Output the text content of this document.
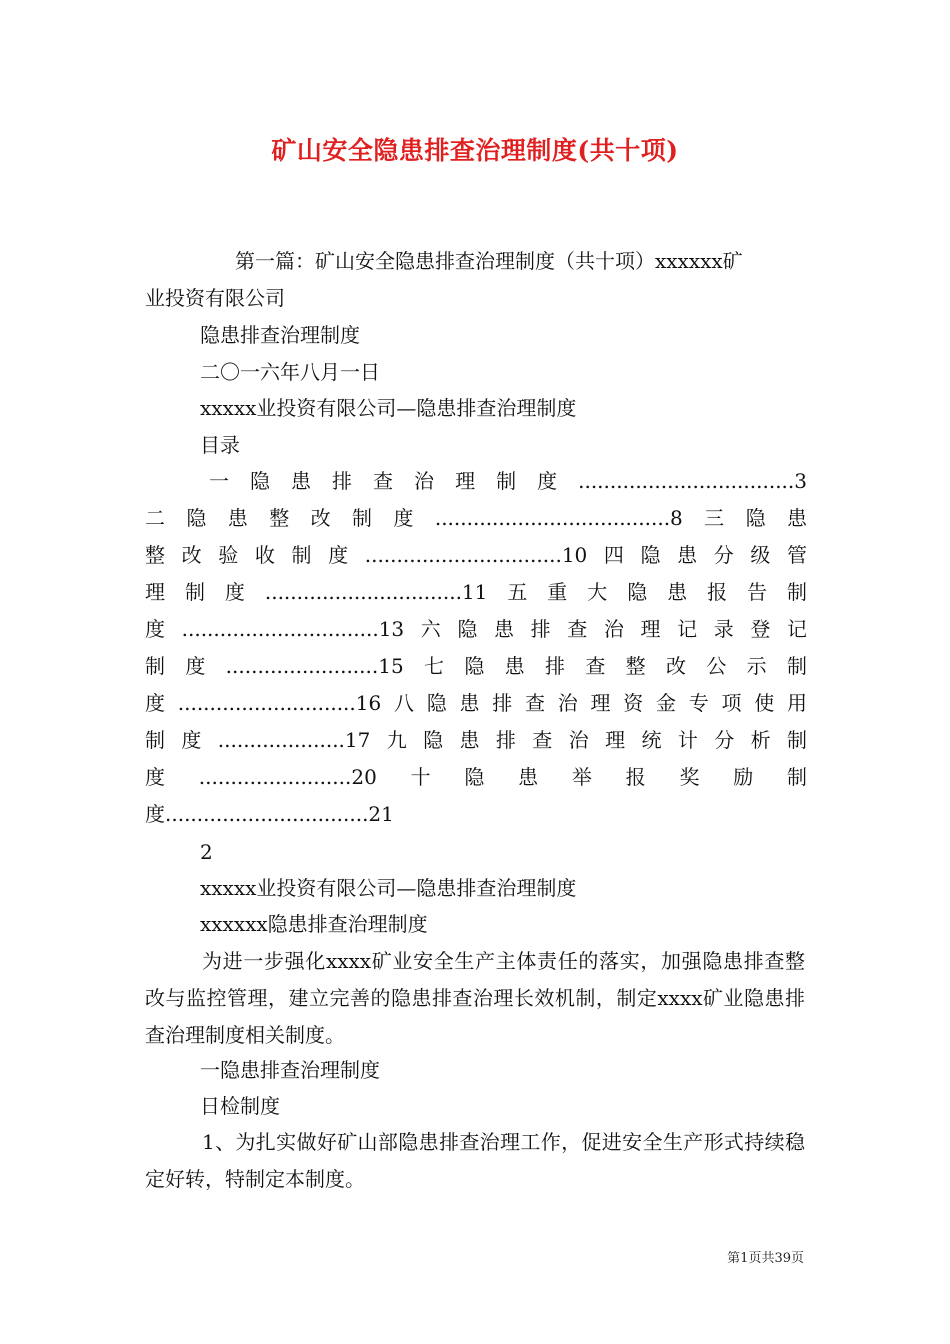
矿山安全隐患排查治理制度(共十项)
第一篇：矿山安全隐患排查治理制度（共十项）xxxxxx矿
业投资有限公司
隐患排查治理制度
二〇一六年八月一日
xxxxx业投资有限公司—隐患排查治理制度
目录
一隐患排查治理制度..................................3
二隐患整改制度.....................................8三隐患
整改验收制度...............................10四隐患分级管
理制度...............................11五重大隐患报告制
度...............................13六隐患排查治理记录登记
制度........................15七隐患排查整改公示制
度............................16八隐患排查治理资金专项使用
制度....................17九隐患排查治理统计分析制
度........................20十隐患举报奖励制
度................................21
2
xxxxx业投资有限公司—隐患排查治理制度
xxxxxx隐患排查治理制度
为进一步强化xxxx矿业安全生产主体责任的落实，加强隐患排查整改与监控管理，建立完善的隐患排查治理长效机制，制定xxxx矿业隐患排查治理制度相关制度。
一隐患排查治理制度
日检制度
1、为扎实做好矿山部隐患排查治理工作，促进安全生产形式持续稳定好转，特制定本制度。
第1页共39页
